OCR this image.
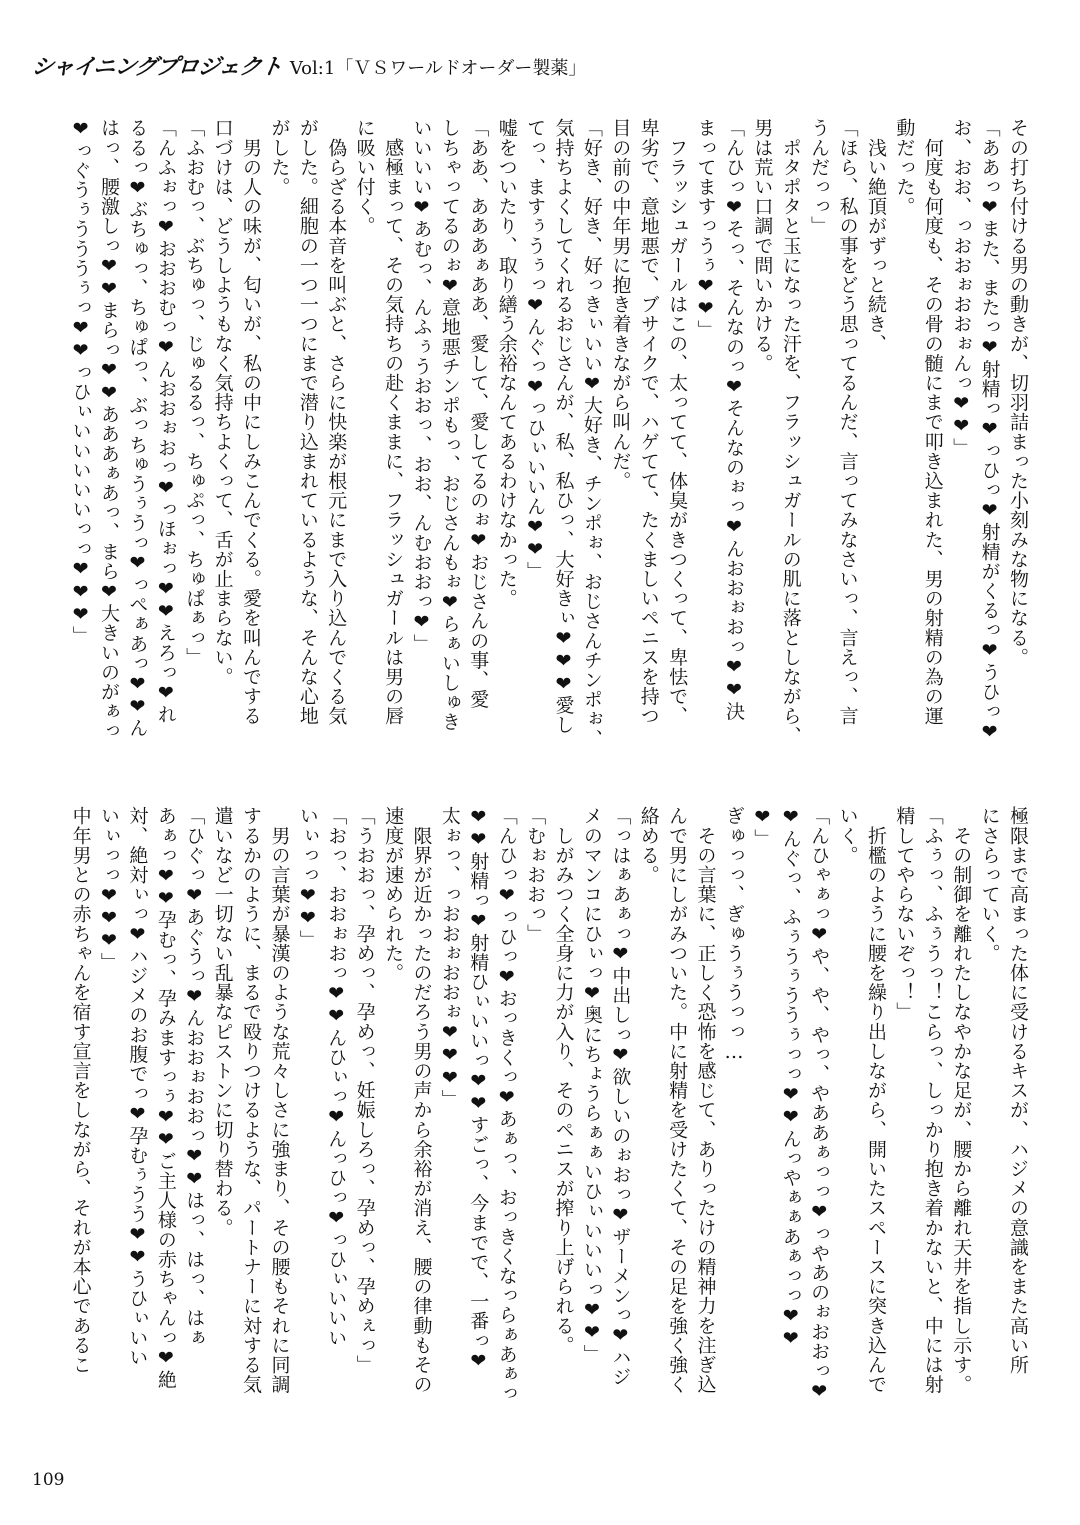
シャイニングプロジェクト Vol:1「ＶＳワールドオーダー製薬」
その打ち付ける男の動きが、切羽詰まった小刻みな物になる。
「ああっ❤また、またっ❤射精っ❤っひっ❤射精がくるっ❤うひっ❤
お、おお、っおおぉおおぉんっ❤❤」
　何度も何度も、その骨の髄にまで叩き込まれた、男の射精の為の運
動だった。
　浅い絶頂がずっと続き、
「ほら、私の事をどう思ってるんだ、言ってみなさいっ、言えっ、言
うんだっっ」
　ポタポタと玉になった汗を、フラッシュガールの肌に落としながら、
男は荒い口調で問いかける。
「んひっ❤そっ、そんなのっ❤そんなのぉっ❤んおおぉおっ❤❤決
まってますっうぅ❤❤」
　フラッシュガールはこの、太ってて、体臭がきつくって、卑怯で、
卑劣で、意地悪で、ブサイクで、ハゲてて、たくましいペニスを持つ
目の前の中年男に抱き着きながら叫んだ。
「好き、好き、好っきぃいい❤大好き、チンポぉ、おじさんチンポぉ、
気持ちよくしてくれるおじさんが、私、私ひっ、大好きぃ❤❤❤愛し
てっ、ますぅうぅっ❤んぐっ❤っひぃいいん❤❤」
嘘をついたり、取り繕う余裕なんてあるわけなかった。
「ああ、あああぁああ、愛して、愛してるのぉ❤おじさんの事、愛
しちゃってるのぉ❤意地悪チンポもっ、おじさんもぉ❤らぁいしゅき
いいいい❤あむっ、んふぅうおおっ、おお、んむおおっ❤」
　感極まって、その気持ちの赴くままに、フラッシュガールは男の唇
に吸い付く。
　偽らざる本音を叫ぶと、さらに快楽が根元にまで入り込んでくる気
がした。細胞の一つ一つにまで潜り込まれているような、そんな心地
がした。
　男の人の味が、匂いが、私の中にしみこんでくる。愛を叫んでする
口づけは、どうしようもなく気持ちよくって、舌が止まらない。
「ふおむっ、ぶちゅっ、じゅるるっ、ちゅぷっ、ちゅぱぁっ」
「んふぉっ❤おおおむっ❤んおおぉおっ❤っほぉっ❤❤えろっ❤れ
るるっ❤ぶちゅっ、ちゅぱっ、ぶっちゅうぅうっ❤っぺぁあっ❤❤ん
はっ、腰激しっ❤❤まらっ❤❤あああぁあっ、まら❤大きいのがぁっ
❤っぐうぅうううぅっ❤❤っひぃいいいいいっっ❤❤❤」
極限まで高まった体に受けるキスが、ハジメの意識をまた高い所
にさらっていく。
　その制御を離れたしなやかな足が、腰から離れ天井を指し示す。
「ふぅっ、ふぅうっ！こらっ、しっかり抱き着かないと、中には射
精してやらないぞっ！」
　折檻のように腰を繰り出しながら、開いたスペースに突き込んで
いく。
「んひゃぁっ❤や、や、やっ、やああぁっっ❤っやあのぉおおっ❤
❤んぐっ、ふぅうぅううぅっっ❤❤んっやぁぁあぁっっ❤❤
❤」
ぎゅっっ、ぎゅうぅうっっ…
　その言葉に、正しく恐怖を感じて、ありったけの精神力を注ぎ込
んで男にしがみついた。中に射精を受けたくて、その足を強く強く
絡める。
「っはぁあぁっ❤中出しっ❤欲しいのぉおっ❤ザーメンっ❤ハジ
メのマンコにひぃっ❤奥にちょうらぁぁいひぃいいいっ❤❤」
　しがみつく全身に力が入り、そのペニスが搾り上げられる。
「むぉおおっ」
「んひっ❤っひっ❤おっきくっ❤あぁっ、おっきくなっらぁあぁっ
❤❤射精っ❤射精ひぃいいっ❤❤すごっ、今までで、一番っ❤
太ぉっ、っおおぉおおぉ❤❤❤」
　限界が近かったのだろう男の声から余裕が消え、腰の律動もその
速度が速められた。
「うおおっ、孕めっ、孕めっ、妊娠しろっ、孕めっ、孕めぇっ」
「おっ、おおぉおっ❤❤んひぃっ❤んっひっ❤っひぃいいい
いぃっっ❤❤」
　男の言葉が暴漢のような荒々しさに強まり、その腰もそれに同調
するかのように、まるで殴りつけるような、パートナーに対する気
遣いなど一切ない乱暴なピストンに切り替わる。
「ひぐっ❤あぐうっ❤んおおぉおおっ❤❤はっ、はっ、はぁ
あぁっ❤❤孕むっ、孕みますっぅ❤❤ご主人様の赤ちゃんっ❤絶
対、絶対ぃっ❤ハジメのお腹でっ❤孕むぅうう❤❤うひぃいい
いぃっっ❤❤❤」
中年男との赤ちゃんを宿す宣言をしながら、それが本心であるこ
109
